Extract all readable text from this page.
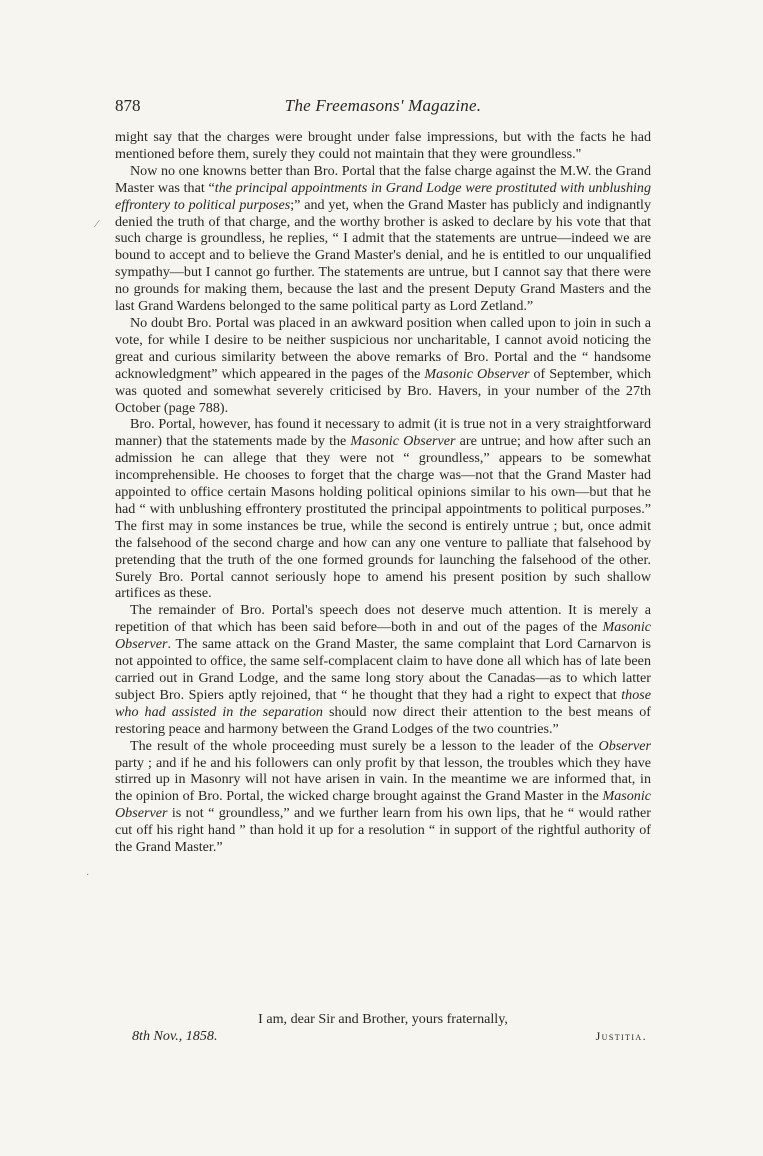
878	The Freemasons' Magazine.
⁄
·

might say that the charges were brought under false impressions, but with the facts he had mentioned before them, surely they could not maintain that they were groundless."

Now no one knowns better than Bro. Portal that the false charge against the M.W. the Grand Master was that “the principal appointments in Grand Lodge were prostituted with unblushing effrontery to political purposes;” and yet, when the Grand Master has publicly and indignantly denied the truth of that charge, and the worthy brother is asked to declare by his vote that that such charge is groundless, he replies, “ I admit that the statements are untrue—indeed we are bound to accept and to believe the Grand Master's denial, and he is entitled to our unqualified sympathy—but I cannot go further. The statements are untrue, but I cannot say that there were no grounds for making them, because the last and the present Deputy Grand Masters and the last Grand Wardens belonged to the same political party as Lord Zetland.”

No doubt Bro. Portal was placed in an awkward position when called upon to join in such a vote, for while I desire to be neither suspicious nor uncharitable, I cannot avoid noticing the great and curious similarity between the above remarks of Bro. Portal and the “ handsome acknowledgment” which appeared in the pages of the Masonic Observer of September, which was quoted and somewhat severely criticised by Bro. Havers, in your number of the 27th October (page 788).

Bro. Portal, however, has found it necessary to admit (it is true not in a very straightforward manner) that the statements made by the Masonic Observer are untrue; and how after such an admission he can allege that they were not “ groundless,” appears to be somewhat incomprehensible. He chooses to forget that the charge was—not that the Grand Master had appointed to office certain Masons holding political opinions similar to his own—but that he had “ with unblushing effrontery prostituted the principal appointments to political purposes.” The first may in some instances be true, while the second is entirely untrue ; but, once admit the falsehood of the second charge and how can any one venture to palliate that falsehood by pretending that the truth of the one formed grounds for launching the falsehood of the other. Surely Bro. Portal cannot seriously hope to amend his present position by such shallow artifices as these.

The remainder of Bro. Portal's speech does not deserve much attention. It is merely a repetition of that which has been said before—both in and out of the pages of the Masonic Observer. The same attack on the Grand Master, the same complaint that Lord Carnarvon is not appointed to office, the same self-complacent claim to have done all which has of late been carried out in Grand Lodge, and the same long story about the Canadas—as to which latter subject Bro. Spiers aptly rejoined, that “ he thought that they had a right to expect that those who had assisted in the separation should now direct their attention to the best means of restoring peace and harmony between the Grand Lodges of the two countries.”

The result of the whole proceeding must surely be a lesson to the leader of the Observer party ; and if he and his followers can only profit by that lesson, the troubles which they have stirred up in Masonry will not have arisen in vain. In the meantime we are informed that, in the opinion of Bro. Portal, the wicked charge brought against the Grand Master in the Masonic Observer is not “ groundless,” and we further learn from his own lips, that he “ would rather cut off his right hand ” than hold it up for a resolution “ in support of the rightful authority of the Grand Master.”

I am, dear Sir and Brother, yours fraternally,
8th Nov., 1858.	Justitia.
